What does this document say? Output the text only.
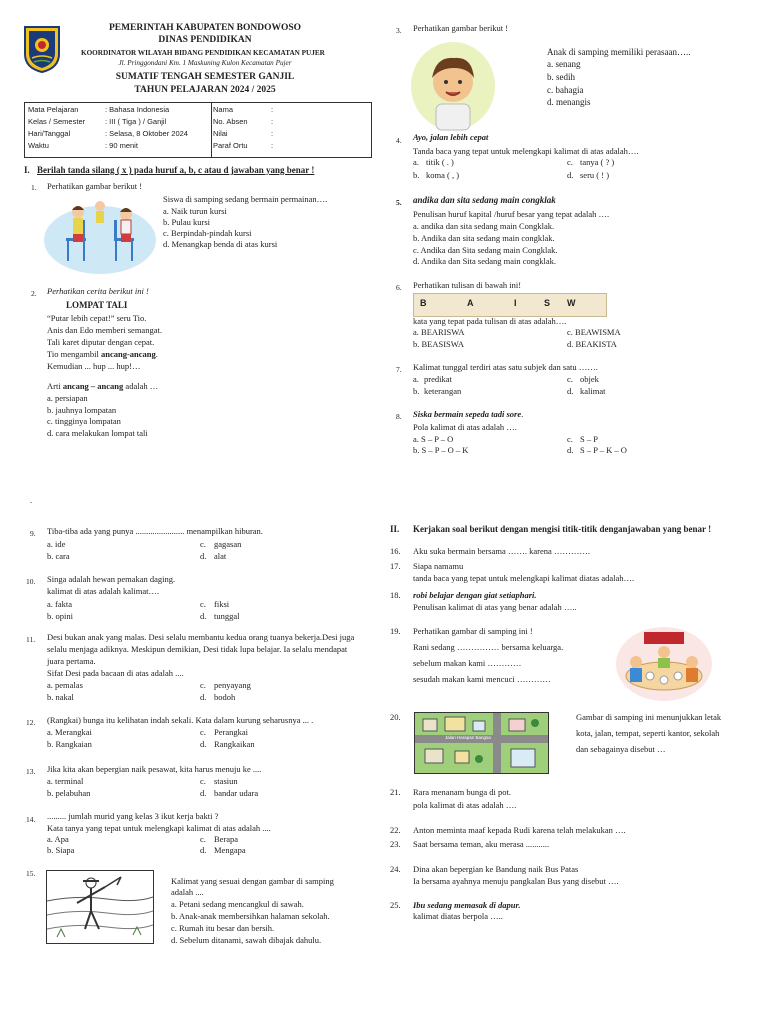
PEMERINTAH KABUPATEN BONDOWOSO
DINAS PENDIDIKAN
KOORDINATOR WILAYAH BIDANG PENDIDIKAN KECAMATAN PUJER
Jl. Pringgondani Km. 1 Maskuning Kulon Kecamatan Pujer
SUMATIF TENGAH SEMESTER GANJIL
TAHUN PELAJARAN 2024 / 2025
Mata Pelajaran	: Bahasa Indonesia
Kelas / Semester	: III ( Tiga ) / Ganjil
Hari/Tanggal	: Selasa, 8 Oktober 2024
Waktu	: 90 menit
Nama	:
No. Absen	:
Nilai	:
Paraf Ortu	:
I. Berilah tanda silang ( x ) pada huruf a, b, c atau d jawaban yang benar !
1. Perhatikan gambar berikut !
Siswa di samping sedang bermain permainan….
a. Naik turun kursi
b. Pulau kursi
c. Berpindah-pindah kursi
d. Menangkap benda di atas kursi
2. Perhatikan cerita berikut ini !
LOMPAT TALI
“Putar lebih cepat!” seru Tio.
Anis dan Edo memberi semangat.
Tali karet diputar dengan cepat.
Tio mengambil ancang-ancang.
Kemudian ... hup ... hup!…
Arti ancang – ancang adalah …
a. persiapan
b. jauhnya lompatan
c. tingginya lompatan
d. cara melakukan lompat tali
.
3. Perhatikan gambar berikut !
Anak di samping memiliki perasaan…..
a. senang
b. sedih
c. bahagia
d. menangis
4. Ayo, jalan lebih cepat
Tanda baca yang tepat untuk melengkapi kalimat di atas adalah….
a. titik ( . )	c. tanya ( ? )
b. koma ( , )	d. seru ( ! )
5. andika dan sita sedang main congklak
Penulisan huruf kapital /huruf besar yang tepat adalah ….
a. andika dan sita sedang main Congklak.
b. Andika dan sita sedang main congklak.
c. Andika dan Sita sedang main Congklak.
d. Andika dan Sita sedang main congklak.
6. Perhatikan tulisan di bawah ini!
B	A	I	S W
kata yang tepat pada tulisan di atas adalah….
a. BEARISWA	c. BEAWISMA
b. BEASISWA	d. BEAKISTA
7. Kalimat tunggal terdiri atas satu subjek dan satu …….
a. predikat	c. objek
b. keterangan	d. kalimat
8. Siska bermain sepeda tadi sore.
Pola kalimat di atas adalah ….
a. S – P – O	c. S – P
b. S – P – O – K	d. S – P – K – O
9. Tiba-tiba ada yang punya ....................... menampilkan hiburan.
a. ide	c. gagasan
b. cara	d. alat
10. Singa adalah hewan pemakan daging.
kalimat di atas adalah kalimat….
a. fakta	c. fiksi
b. opini	d. tunggal
11. Desi bukan anak yang malas. Desi selalu membantu kedua orang tuanya bekerja.Desi juga
selalu menjaga adiknya. Meskipun demikian, Desi tidak lupa belajar. Ia selalu mendapat
juara pertama.
Sifat Desi pada bacaan di atas adalah ....
a. pemalas	c. penyayang
b. nakal	d. bodoh
12. (Rangkai) bunga itu kelihatan indah sekali. Kata dalam kurung seharusnya ... .
a. Merangkai	c. Perangkai
b. Rangkaian	d. Rangkaikan
13. Jika kita akan bepergian naik pesawat, kita harus menuju ke ....
a. terminal	c. stasiun
b. pelabuhan	d. bandar udara
14. ......... jumlah murid yang kelas 3 ikut kerja bakti ?
Kata tanya yang tepat untuk melengkapi kalimat di atas adalah ....
a. Apa	c. Berapa
b. Siapa	d. Mengapa
15.
Kalimat yang sesuai dengan gambar di samping
adalah ....
a. Petani sedang mencangkul di sawah.
b. Anak-anak membersihkan halaman sekolah.
c. Rumah itu besar dan bersih.
d. Sebelum ditanami, sawah dibajak dahulu.
II. Kerjakan soal berikut dengan mengisi titik-titik denganjawaban yang benar !
16. Aku suka bermain bersama ……. karena ………….
17. Siapa namamu
tanda baca yang tepat untuk melengkapi kalimat diatas adalah….
18. robi belajar dengan giat setiaphari.
Penulisan kalimat di atas yang benar adalah …..
19. Perhatikan gambar di samping ini !
Rani sedang …………… bersama keluarga.
sebelum makan kami …………
sesudah makan kami mencuci …………
20.
Jalan Harapan Bangsa
Gambar di samping ini menunjukkan letak
kota, jalan, tempat, seperti kantor, sekolah
dan sebagainya disebut …
21. Rara menanam bunga di pot.
pola kalimat di atas adalah ….
22. Anton meminta maaf kepada Rudi karena telah melakukan ….
23. Saat bersama teman, aku merasa ...........
24. Dina akan bepergian ke Bandung naik Bus Patas
Ia bersama ayahnya menuju pangkalan Bus yang disebut ….
25. Ibu sedang memasak di dapur.
kalimat diatas berpola …..
